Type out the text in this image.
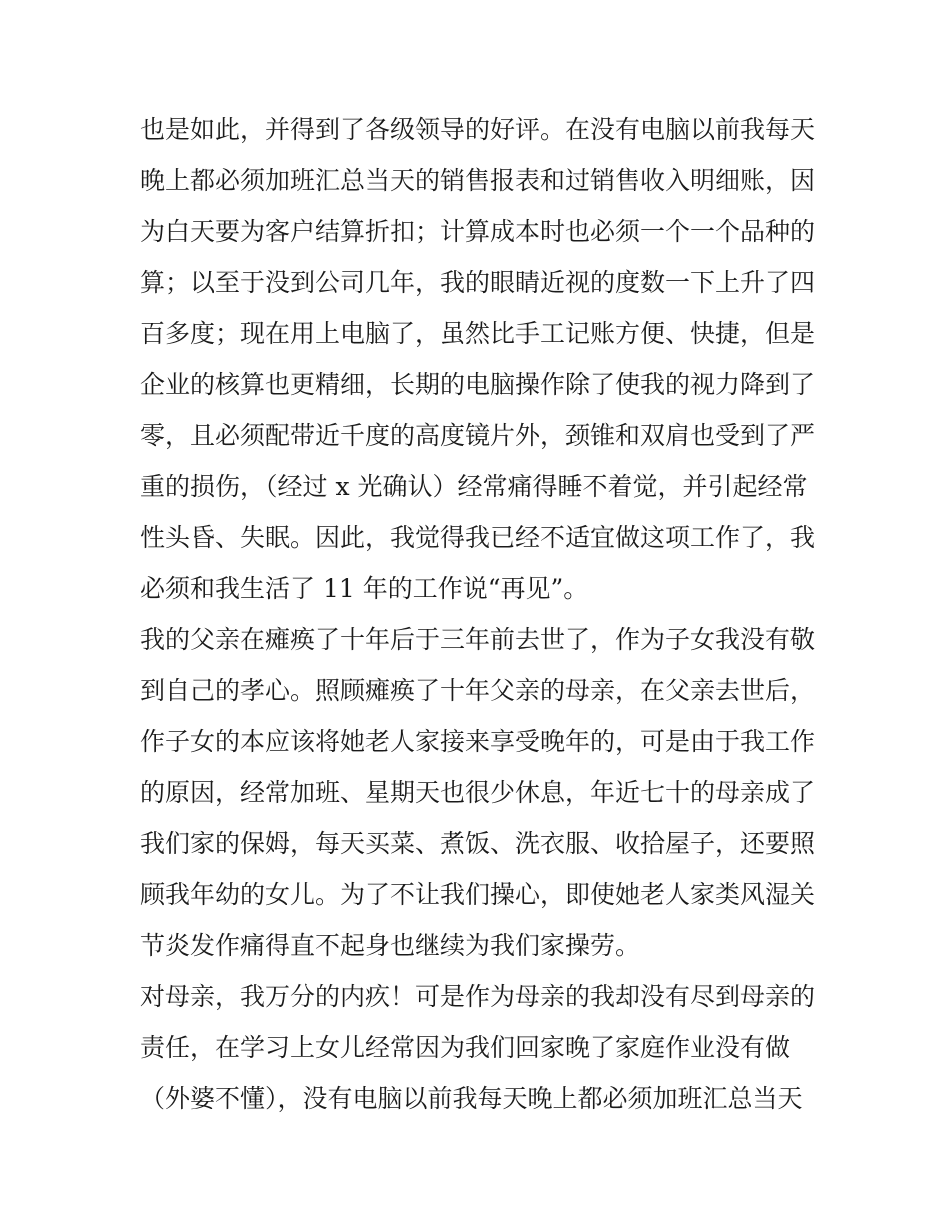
也是如此，并得到了各级领导的好评。在没有电脑以前我每天
晚上都必须加班汇总当天的销售报表和过销售收入明细账，因
为白天要为客户结算折扣；计算成本时也必须一个一个品种的
算；以至于没到公司几年，我的眼睛近视的度数一下上升了四
百多度；现在用上电脑了，虽然比手工记账方便、快捷，但是
企业的核算也更精细，长期的电脑操作除了使我的视力降到了
零，且必须配带近千度的高度镜片外，颈锥和双肩也受到了严
重的损伤，（经过 x 光确认）经常痛得睡不着觉，并引起经常
性头昏、失眠。因此，我觉得我已经不适宜做这项工作了，我
必须和我生活了 11 年的工作说“再见”。
我的父亲在瘫痪了十年后于三年前去世了，作为子女我没有敬
到自己的孝心。照顾瘫痪了十年父亲的母亲，在父亲去世后，
作子女的本应该将她老人家接来享受晚年的，可是由于我工作
的原因，经常加班、星期天也很少休息，年近七十的母亲成了
我们家的保姆，每天买菜、煮饭、洗衣服、收拾屋子，还要照
顾我年幼的女儿。为了不让我们操心，即使她老人家类风湿关
节炎发作痛得直不起身也继续为我们家操劳。
对母亲，我万分的内疚！可是作为母亲的我却没有尽到母亲的
责任，在学习上女儿经常因为我们回家晚了家庭作业没有做
（外婆不懂），没有电脑以前我每天晚上都必须加班汇总当天
